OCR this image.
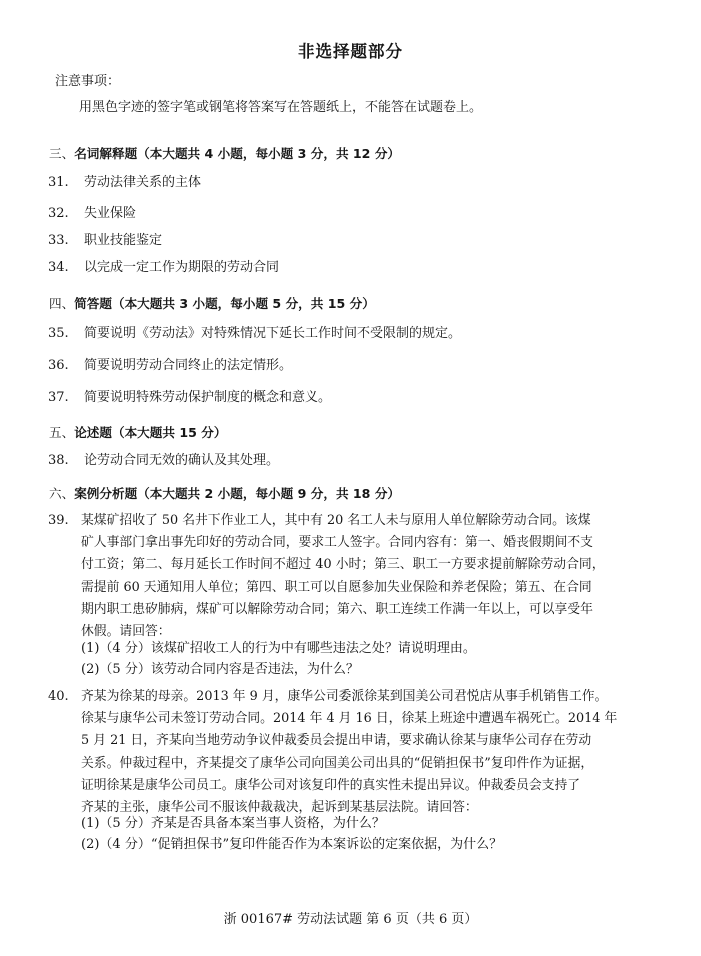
非选择题部分
注意事项：
用黑色字迹的签字笔或钢笔将答案写在答题纸上，不能答在试题卷上。
三、名词解释题（本大题共 4 小题，每小题 3 分，共 12 分）
31. 劳动法律关系的主体
32. 失业保险
33. 职业技能鉴定
34. 以完成一定工作为期限的劳动合同
四、简答题（本大题共 3 小题，每小题 5 分，共 15 分）
35. 简要说明《劳动法》对特殊情况下延长工作时间不受限制的规定。
36. 简要说明劳动合同终止的法定情形。
37. 简要说明特殊劳动保护制度的概念和意义。
五、论述题（本大题共 15 分）
38. 论劳动合同无效的确认及其处理。
六、案例分析题（本大题共 2 小题，每小题 9 分，共 18 分）
39. 某煤矿招收了 50 名井下作业工人，其中有 20 名工人未与原用人单位解除劳动合同。该煤
矿人事部门拿出事先印好的劳动合同，要求工人签字。合同内容有：第一、婚丧假期间不支
付工资；第二、每月延长工作时间不超过 40 小时；第三、职工一方要求提前解除劳动合同，
需提前 60 天通知用人单位；第四、职工可以自愿参加失业保险和养老保险；第五、在合同
期内职工患矽肺病，煤矿可以解除劳动合同；第六、职工连续工作满一年以上，可以享受年
休假。请回答：
(1)（4 分）该煤矿招收工人的行为中有哪些违法之处？请说明理由。
(2)（5 分）该劳动合同内容是否违法，为什么？
40. 齐某为徐某的母亲。2013 年 9 月，康华公司委派徐某到国美公司君悦店从事手机销售工作。
徐某与康华公司未签订劳动合同。2014 年 4 月 16 日，徐某上班途中遭遇车祸死亡。2014 年
5 月 21 日，齐某向当地劳动争议仲裁委员会提出申请，要求确认徐某与康华公司存在劳动
关系。仲裁过程中，齐某提交了康华公司向国美公司出具的“促销担保书”复印件作为证据，
证明徐某是康华公司员工。康华公司对该复印件的真实性未提出异议。仲裁委员会支持了
齐某的主张，康华公司不服该仲裁裁决，起诉到某基层法院。请回答：
(1)（5 分）齐某是否具备本案当事人资格，为什么？
(2)（4 分）“促销担保书”复印件能否作为本案诉讼的定案依据，为什么？
浙 00167# 劳动法试题 第 6 页（共 6 页）
